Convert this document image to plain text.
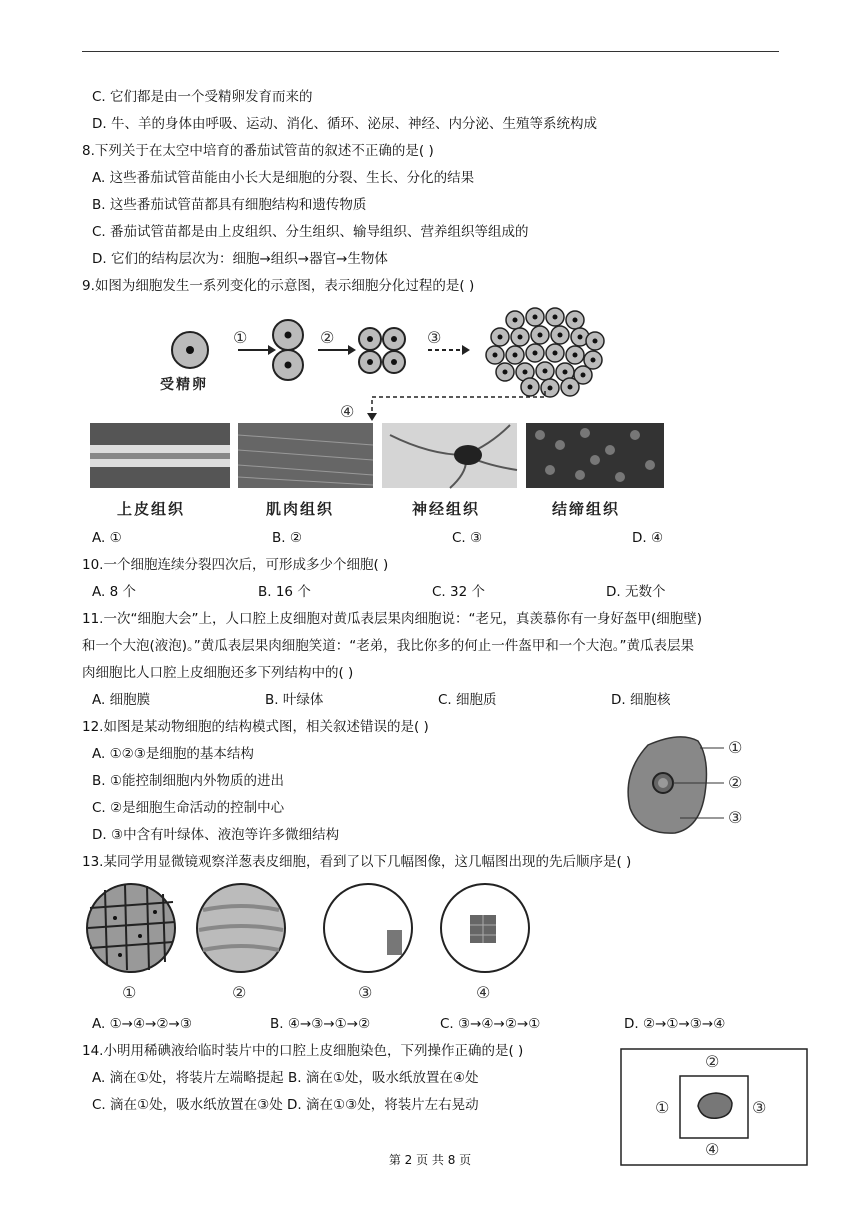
C. 它们都是由一个受精卵发育而来的
D. 牛、羊的身体由呼吸、运动、消化、循环、泌尿、神经、内分泌、生殖等系统构成
8.下列关于在太空中培育的番茄试管苗的叙述不正确的是( )
A. 这些番茄试管苗能由小长大是细胞的分裂、生长、分化的结果
B. 这些番茄试管苗都具有细胞结构和遗传物质
C. 番茄试管苗都是由上皮组织、分生组织、输导组织、营养组织等组成的
D. 它们的结构层次为：细胞→组织→器官→生物体
9.如图为细胞发生一系列变化的示意图，表示细胞分化过程的是( )
①	②	③
④
受精卵
上皮组织	肌肉组织	神经组织	结缔组织
A. ①	B. ②	C. ③	D. ④
10.一个细胞连续分裂四次后，可形成多少个细胞( )
A. 8 个	B. 16 个	C. 32 个	D. 无数个
11.一次“细胞大会”上，人口腔上皮细胞对黄瓜表层果肉细胞说：“老兄，真羡慕你有一身好盔甲(细胞壁)
和一个大泡(液泡)。”黄瓜表层果肉细胞笑道：“老弟，我比你多的何止一件盔甲和一个大泡。”黄瓜表层果
肉细胞比人口腔上皮细胞还多下列结构中的( )
A. 细胞膜	B. 叶绿体	C. 细胞质	D. 细胞核
12.如图是某动物细胞的结构模式图，相关叙述错误的是( )
A. ①②③是细胞的基本结构
B. ①能控制细胞内外物质的进出
C. ②是细胞生命活动的控制中心
D. ③中含有叶绿体、液泡等许多微细结构
①
②
③
13.某同学用显微镜观察洋葱表皮细胞，看到了以下几幅图像，这几幅图出现的先后顺序是( )
①	②	③	④
A. ①→④→②→③	B. ④→③→①→②	C. ③→④→②→①	D. ②→①→③→④
14.小明用稀碘液给临时装片中的口腔上皮细胞染色，下列操作正确的是( )
A. 滴在①处，将装片左端略提起 B. 滴在①处，吸水纸放置在④处
C. 滴在①处，吸水纸放置在③处 D. 滴在①③处，将装片左右晃动
②
①	③
④
第 2 页 共 8 页
